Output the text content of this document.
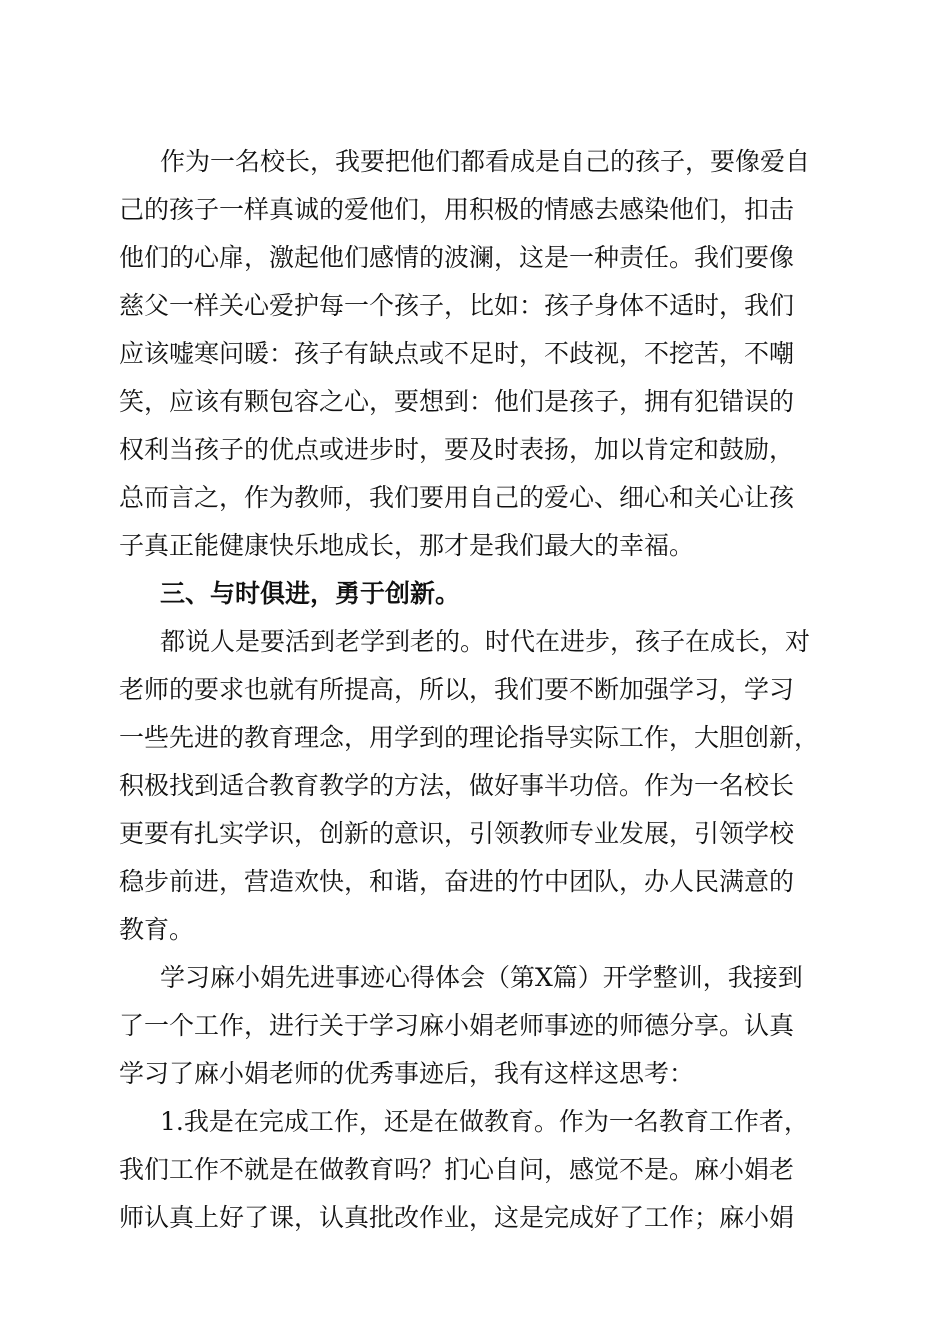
作为一名校长，我要把他们都看成是自己的孩子，要像爱自
己的孩子一样真诚的爱他们，用积极的情感去感染他们，扣击
他们的心扉，激起他们感情的波澜，这是一种责任。我们要像
慈父一样关心爱护每一个孩子，比如：孩子身体不适时，我们
应该嘘寒问暖：孩子有缺点或不足时，不歧视，不挖苦，不嘲
笑，应该有颗包容之心，要想到：他们是孩子，拥有犯错误的
权利当孩子的优点或进步时，要及时表扬，加以肯定和鼓励，
总而言之，作为教师，我们要用自己的爱心、细心和关心让孩
子真正能健康快乐地成长，那才是我们最大的幸福。
三、与时俱进，勇于创新。
都说人是要活到老学到老的。时代在进步，孩子在成长，对
老师的要求也就有所提高，所以，我们要不断加强学习，学习
一些先进的教育理念，用学到的理论指导实际工作，大胆创新，
积极找到适合教育教学的方法，做好事半功倍。作为一名校长
更要有扎实学识，创新的意识，引领教师专业发展，引领学校
稳步前进，营造欢快，和谐，奋进的竹中团队，办人民满意的
教育。
学习麻小娟先进事迹心得体会（第X篇）开学整训，我接到
了一个工作，进行关于学习麻小娟老师事迹的师德分享。认真
学习了麻小娟老师的优秀事迹后，我有这样这思考：
1.我是在完成工作，还是在做教育。作为一名教育工作者，
我们工作不就是在做教育吗？扪心自问，感觉不是。麻小娟老
师认真上好了课，认真批改作业，这是完成好了工作；麻小娟
